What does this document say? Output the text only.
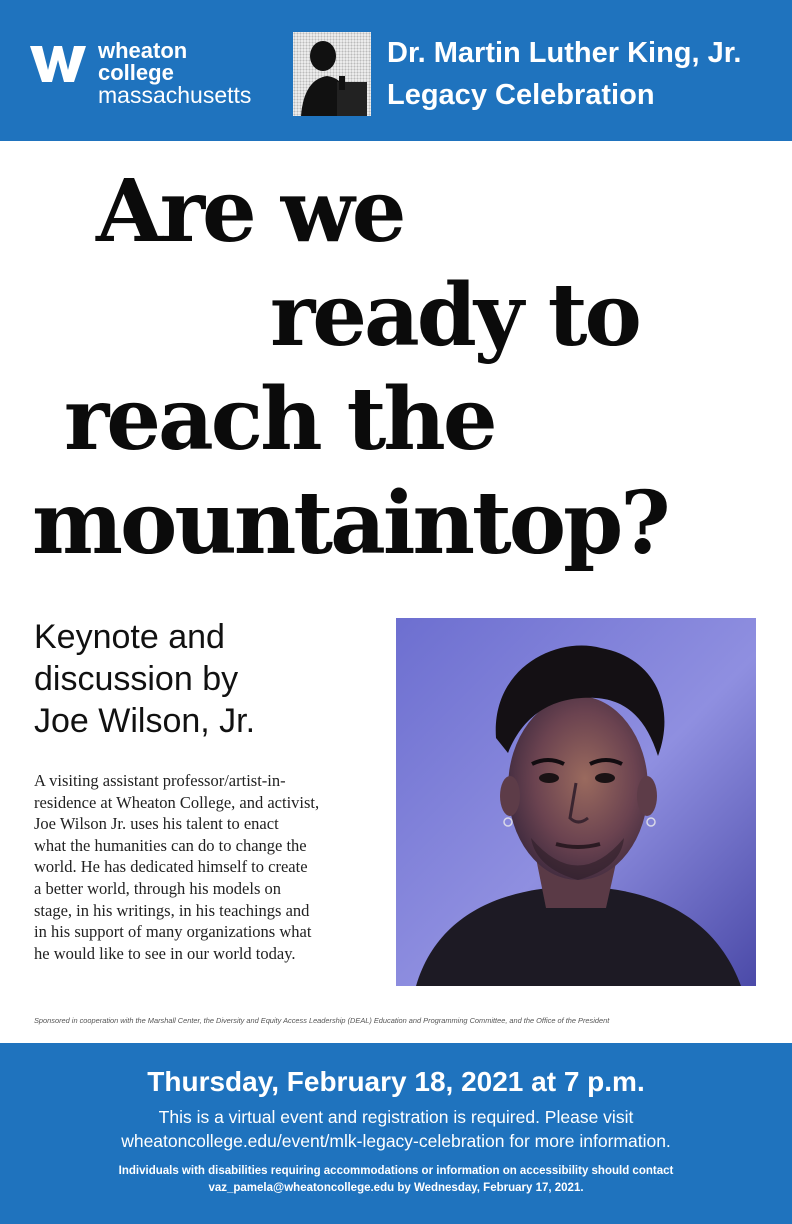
wheaton
college
massachusetts
Dr. Martin Luther King, Jr.
Legacy Celebration
Are we
ready to
reach the
mountaintop?
Keynote and
discussion by
Joe Wilson, Jr.
A visiting assistant professor/artist-in-
residence at Wheaton College, and activist,
Joe Wilson Jr. uses his talent to enact
what the humanities can do to change the
world. He has dedicated himself to create
a better world, through his models on
stage, in his writings, in his teachings and
in his support of many organizations what
he would like to see in our world today.
Sponsored in cooperation with the Marshall Center, the Diversity and Equity Access Leadership (DEAL) Education and Programming Committee, and the Office of the President
Thursday, February 18, 2021 at 7 p.m.
This is a virtual event and registration is required. Please visit
wheatoncollege.edu/event/mlk-legacy-celebration for more information.
Individuals with disabilities requiring accommodations or information on accessibility should contact
vaz_pamela@wheatoncollege.edu by Wednesday, February 17, 2021.
